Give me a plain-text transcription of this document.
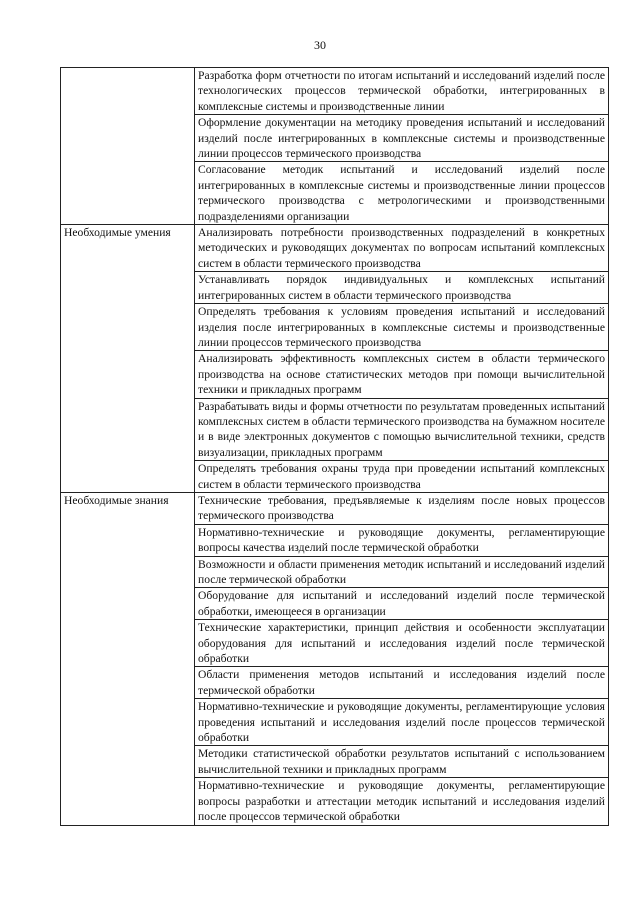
30
	Разработка форм отчетности по итогам испытаний и исследований изделий после технологических процессов термической обработки, интегрированных в комплексные системы и производственные линии
	Оформление документации на методику проведения испытаний и исследований изделий после интегрированных в комплексные системы и производственные линии процессов термического производства
	Согласование методик испытаний и исследований изделий после интегрированных в комплексные системы и производственные линии процессов термического производства с метрологическими и производственными подразделениями организации
Необходимые умения	Анализировать потребности производственных подразделений в конкретных методических и руководящих документах по вопросам испытаний комплексных систем в области термического производства
	Устанавливать порядок индивидуальных и комплексных испытаний интегрированных систем в области термического производства
	Определять требования к условиям проведения испытаний и исследований изделия после интегрированных в комплексные системы и производственные линии процессов термического производства
	Анализировать эффективность комплексных систем в области термического производства на основе статистических методов при помощи вычислительной техники и прикладных программ
	Разрабатывать виды и формы отчетности по результатам проведенных испытаний комплексных систем в области термического производства на бумажном носителе и в виде электронных документов с помощью вычислительной техники, средств визуализации, прикладных программ
	Определять требования охраны труда при проведении испытаний комплексных систем в области термического производства
Необходимые знания	Технические требования, предъявляемые к изделиям после новых процессов термического производства
	Нормативно-технические и руководящие документы, регламентирующие вопросы качества изделий после термической обработки
	Возможности и области применения методик испытаний и исследований изделий после термической обработки
	Оборудование для испытаний и исследований изделий после термической обработки, имеющееся в организации
	Технические характеристики, принцип действия и особенности эксплуатации оборудования для испытаний и исследования изделий после термической обработки
	Области применения методов испытаний и исследования изделий после термической обработки
	Нормативно-технические и руководящие документы, регламентирующие условия проведения испытаний и исследования изделий после процессов термической обработки
	Методики статистической обработки результатов испытаний с использованием вычислительной техники и прикладных программ
	Нормативно-технические и руководящие документы, регламентирующие вопросы разработки и аттестации методик испытаний и исследования изделий после процессов термической обработки
